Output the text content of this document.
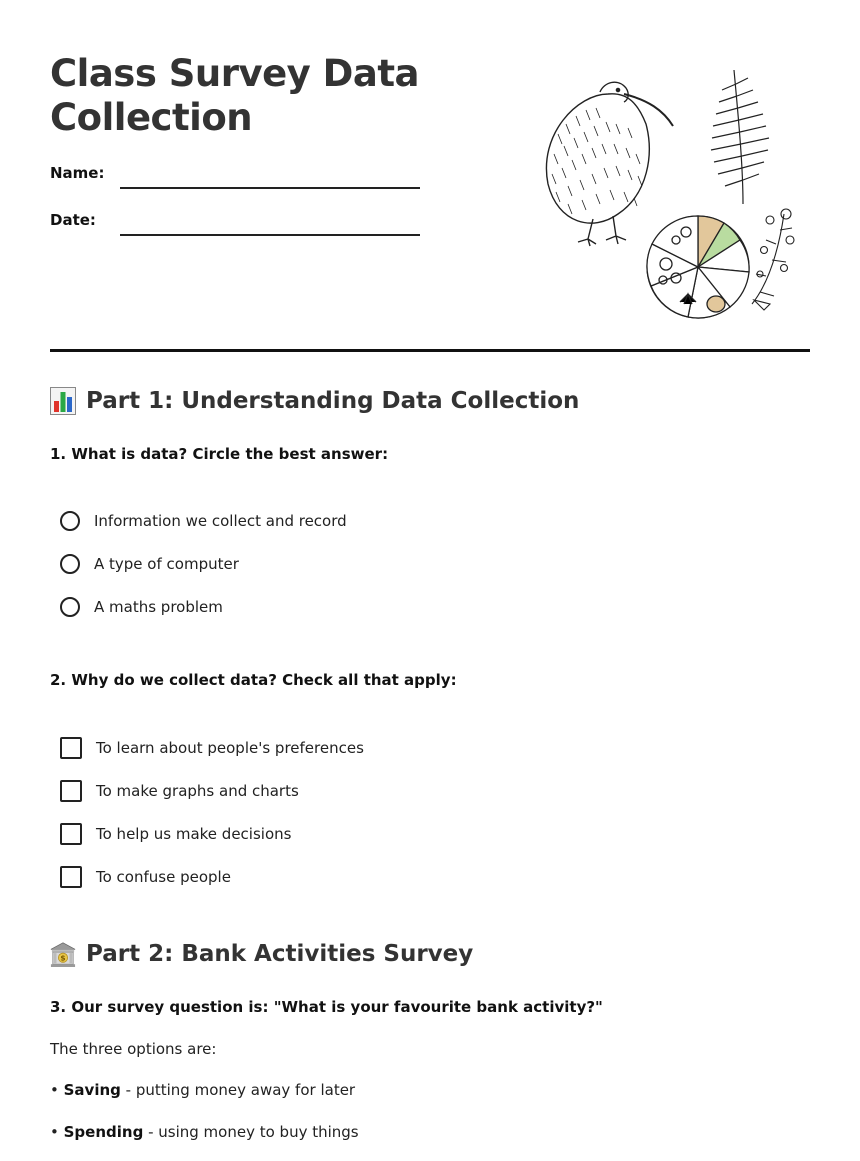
Class Survey Data Collection
Name:
Date:
Part 1: Understanding Data Collection
1. What is data? Circle the best answer:
Information we collect and record
A type of computer
A maths problem
2. Why do we collect data? Check all that apply:
To learn about people's preferences
To make graphs and charts
To help us make decisions
To confuse people
$ Part 2: Bank Activities Survey
3. Our survey question is: "What is your favourite bank activity?"
The three options are:
• Saving - putting money away for later
• Spending - using money to buy things
